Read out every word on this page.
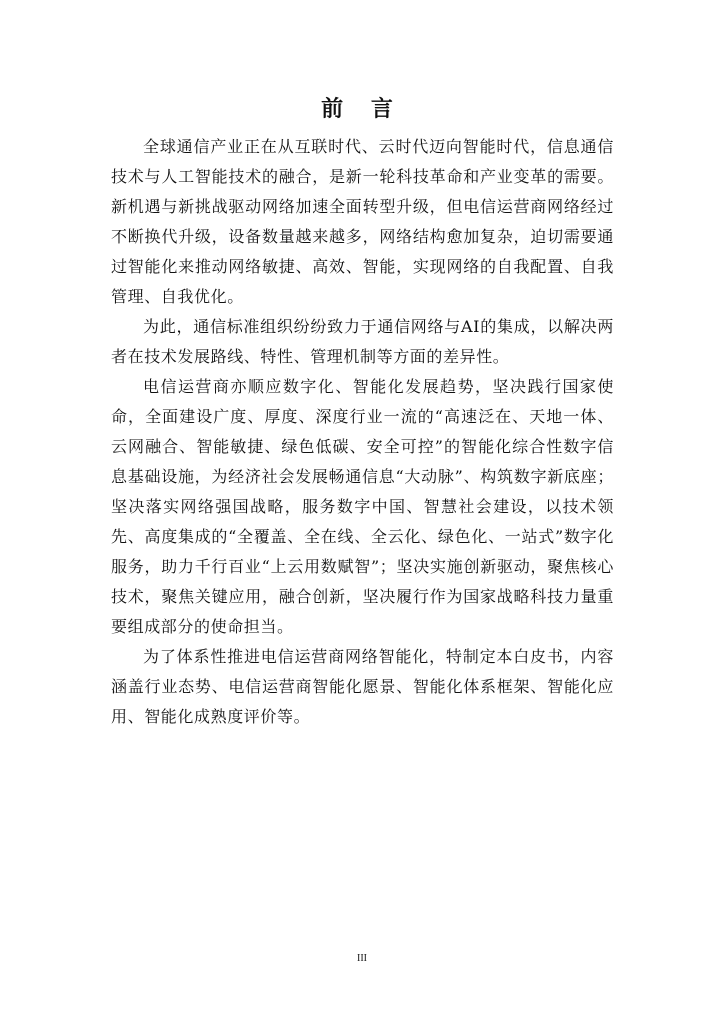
前 言

全球通信产业正在从互联时代、云时代迈向智能时代，信息通信技术与人工智能技术的融合，是新一轮科技革命和产业变革的需要。新机遇与新挑战驱动网络加速全面转型升级，但电信运营商网络经过不断换代升级，设备数量越来越多，网络结构愈加复杂，迫切需要通过智能化来推动网络敏捷、高效、智能，实现网络的自我配置、自我管理、自我优化。

为此，通信标准组织纷纷致力于通信网络与AI的集成，以解决两者在技术发展路线、特性、管理机制等方面的差异性。

电信运营商亦顺应数字化、智能化发展趋势，坚决践行国家使命，全面建设广度、厚度、深度行业一流的“高速泛在、天地一体、云网融合、智能敏捷、绿色低碳、安全可控”的智能化综合性数字信息基础设施，为经济社会发展畅通信息“大动脉”、构筑数字新底座；坚决落实网络强国战略，服务数字中国、智慧社会建设，以技术领先、高度集成的“全覆盖、全在线、全云化、绿色化、一站式”数字化服务，助力千行百业“上云用数赋智”；坚决实施创新驱动，聚焦核心技术，聚焦关键应用，融合创新，坚决履行作为国家战略科技力量重要组成部分的使命担当。

为了体系性推进电信运营商网络智能化，特制定本白皮书，内容涵盖行业态势、电信运营商智能化愿景、智能化体系框架、智能化应用、智能化成熟度评价等。

III
